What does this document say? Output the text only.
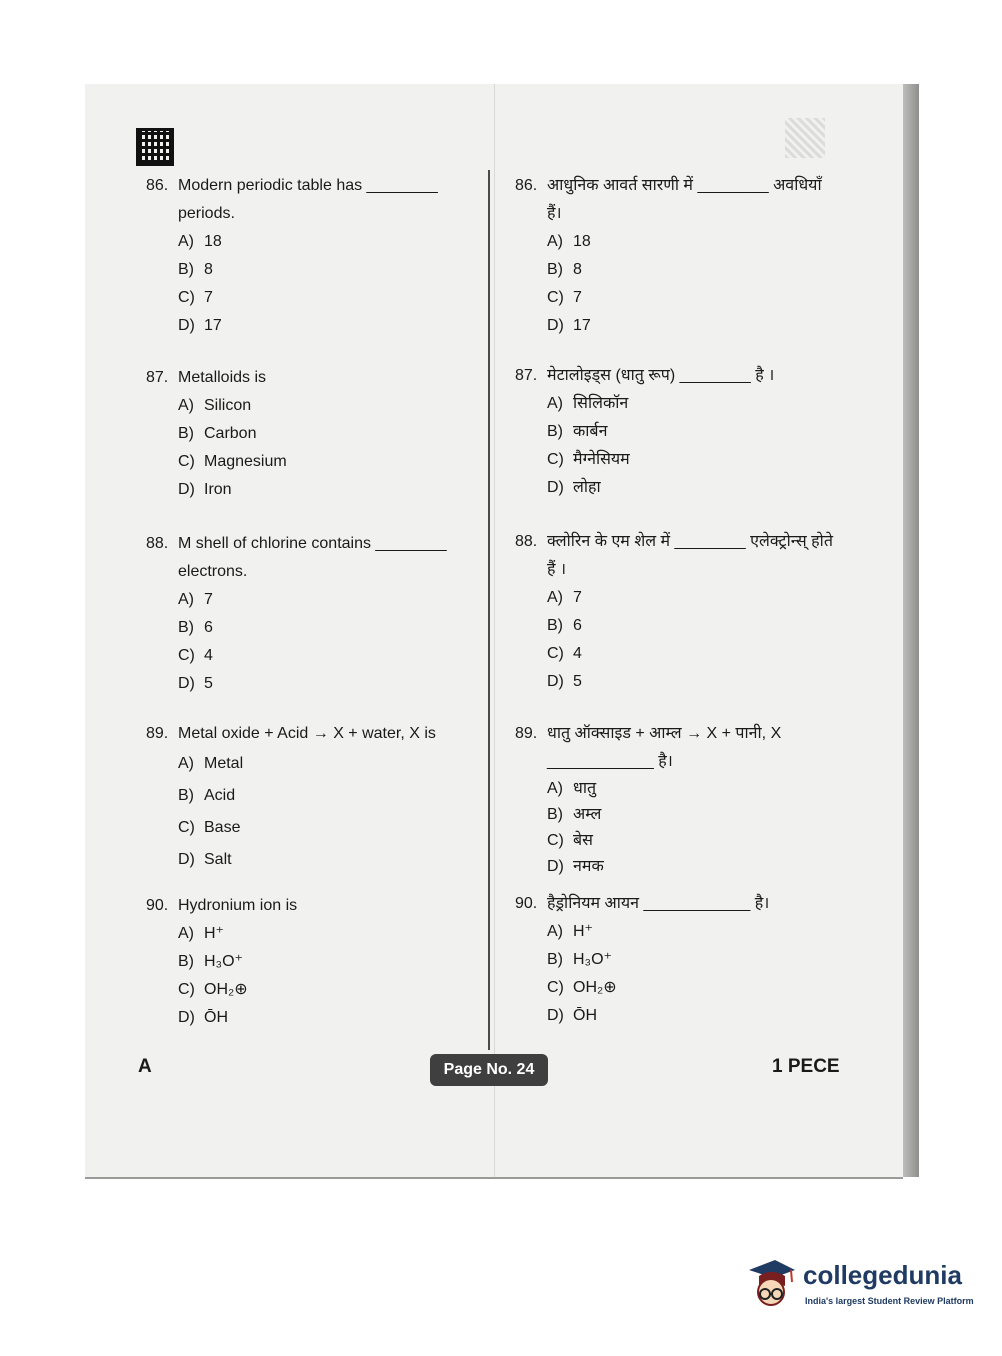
86. Modern periodic table has ________ periods.
A) 18
B) 8
C) 7
D) 17
87. Metalloids is
A) Silicon
B) Carbon
C) Magnesium
D) Iron
88. M shell of chlorine contains ________ electrons.
A) 7
B) 6
C) 4
D) 5
89. Metal oxide + Acid → X + water, X is
A) Metal
B) Acid
C) Base
D) Salt
90. Hydronium ion is
A) H⁺
B) H₃O⁺
C) OH₂⊕
D) ŌH
86. आधुनिक आवर्त सारणी में ________ अवधियाँ हैं।
A) 18
B) 8
C) 7
D) 17
87. मेटालोइड्स (धातु रूप) ________ है ।
A) सिलिकॉन
B) कार्बन
C) मैग्नेसियम
D) लोहा
88. क्लोरिन के एम शेल में ________ एलेक्ट्रोन्स् होते हैं ।
A) 7
B) 6
C) 4
D) 5
89. धातु ऑक्साइड + आम्ल → X + पानी, X ____________ है।
A) धातु
B) अम्ल
C) बेस
D) नमक
90. हैड्रोनियम आयन ____________ है।
A) H⁺
B) H₃O⁺
C) OH₂⊕
D) ŌH
A	Page No. 24	1 PECE
collegedunia
India's largest Student Review Platform
